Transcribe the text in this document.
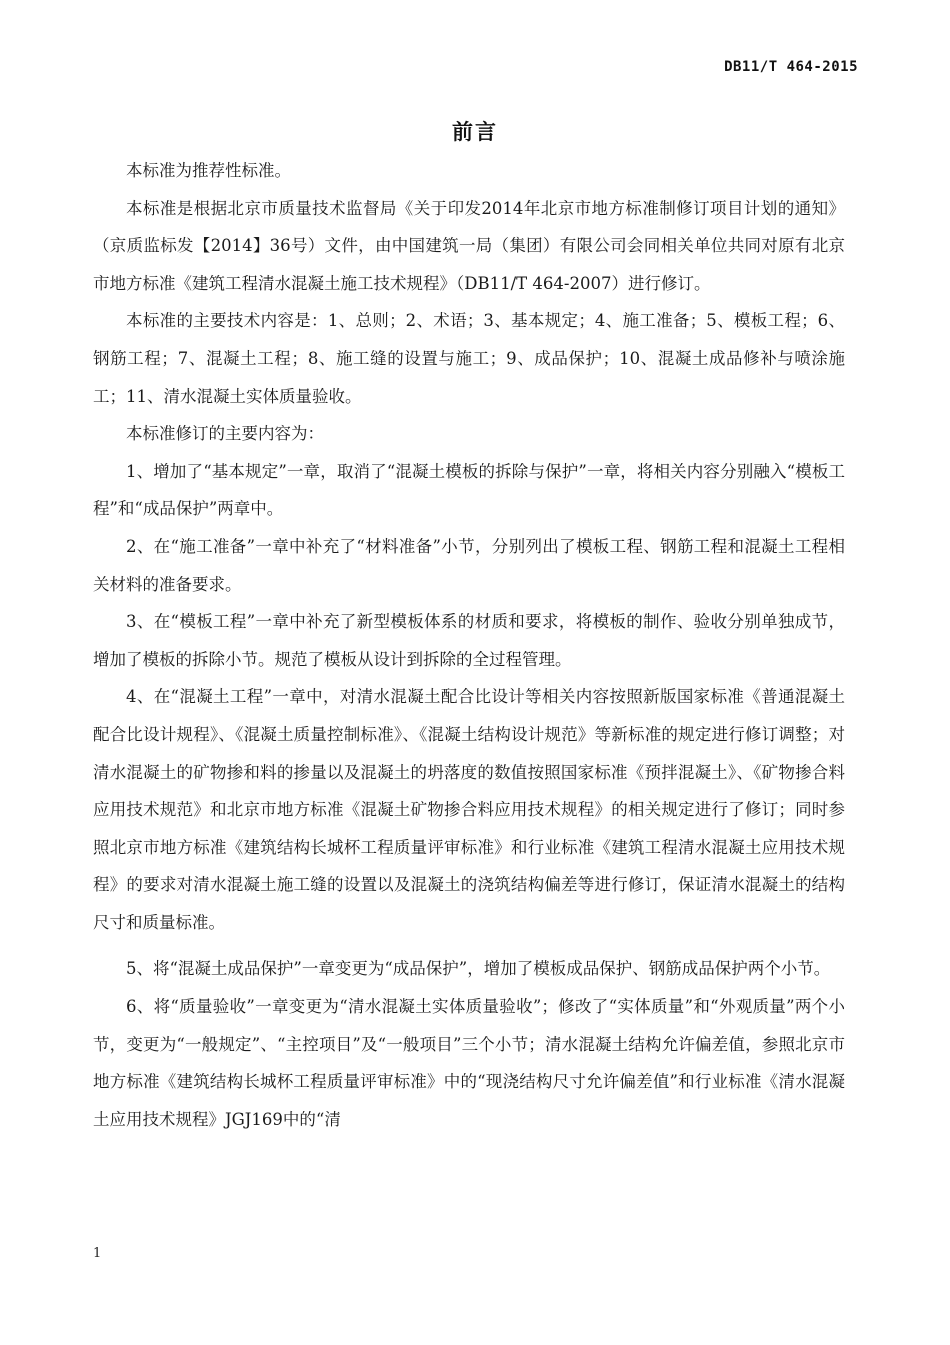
DB11/T 464-2015
前言

本标准为推荐性标准。

本标准是根据北京市质量技术监督局《关于印发2014年北京市地方标准制修订项目计划的通知》（京质监标发【2014】36号）文件，由中国建筑一局（集团）有限公司会同相关单位共同对原有北京市地方标准《建筑工程清水混凝土施工技术规程》（DB11/T 464-2007）进行修订。

本标准的主要技术内容是：1、总则；2、术语；3、基本规定；4、施工准备；5、模板工程；6、钢筋工程；7、混凝土工程；8、施工缝的设置与施工；9、成品保护；10、混凝土成品修补与喷涂施工；11、清水混凝土实体质量验收。

本标准修订的主要内容为：

1、增加了“基本规定”一章，取消了“混凝土模板的拆除与保护”一章，将相关内容分别融入“模板工程”和“成品保护”两章中。

2、在“施工准备”一章中补充了“材料准备”小节，分别列出了模板工程、钢筋工程和混凝土工程相关材料的准备要求。

3、在“模板工程”一章中补充了新型模板体系的材质和要求，将模板的制作、验收分别单独成节，增加了模板的拆除小节。规范了模板从设计到拆除的全过程管理。

4、在“混凝土工程”一章中，对清水混凝土配合比设计等相关内容按照新版国家标准《普通混凝土配合比设计规程》、《混凝土质量控制标准》、《混凝土结构设计规范》等新标准的规定进行修订调整；对清水混凝土的矿物掺和料的掺量以及混凝土的坍落度的数值按照国家标准《预拌混凝土》、《矿物掺合料应用技术规范》和北京市地方标准《混凝土矿物掺合料应用技术规程》的相关规定进行了修订；同时参照北京市地方标准《建筑结构长城杯工程质量评审标准》和行业标准《建筑工程清水混凝土应用技术规程》的要求对清水混凝土施工缝的设置以及混凝土的浇筑结构偏差等进行修订，保证清水混凝土的结构尺寸和质量标准。

5、将“混凝土成品保护”一章变更为“成品保护”，增加了模板成品保护、钢筋成品保护两个小节。

6、将“质量验收”一章变更为“清水混凝土实体质量验收”；修改了“实体质量”和“外观质量”两个小节，变更为“一般规定”、“主控项目”及“一般项目”三个小节；清水混凝土结构允许偏差值，参照北京市地方标准《建筑结构长城杯工程质量评审标准》中的“现浇结构尺寸允许偏差值”和行业标准《清水混凝土应用技术规程》JGJ169中的“清

1
